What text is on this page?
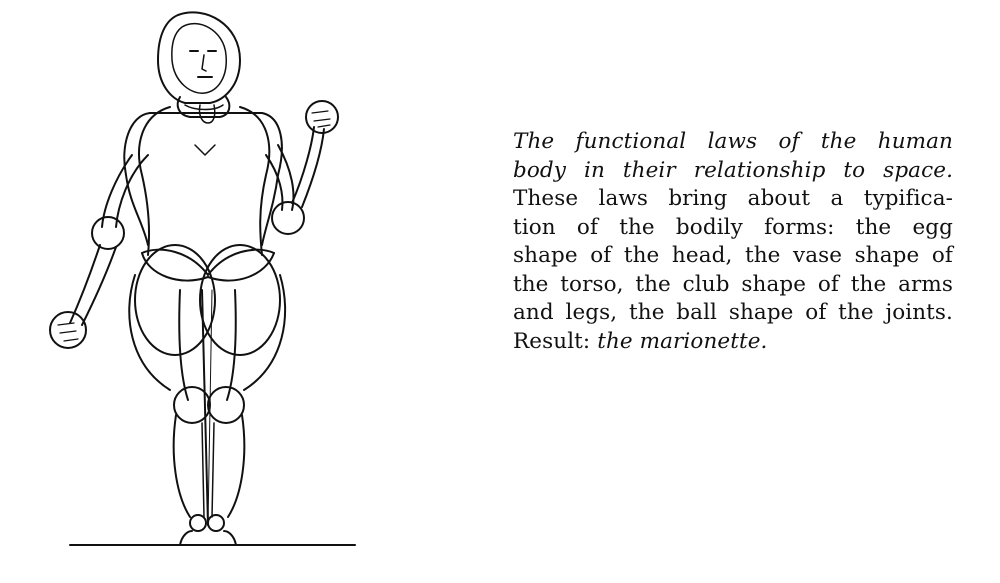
The functional laws of the human
body in their relationship to space.
These laws bring about a typifica-
tion of the bodily forms: the egg
shape of the head, the vase shape of
the torso, the club shape of the arms
and legs, the ball shape of the joints.
Result: the marionette.
